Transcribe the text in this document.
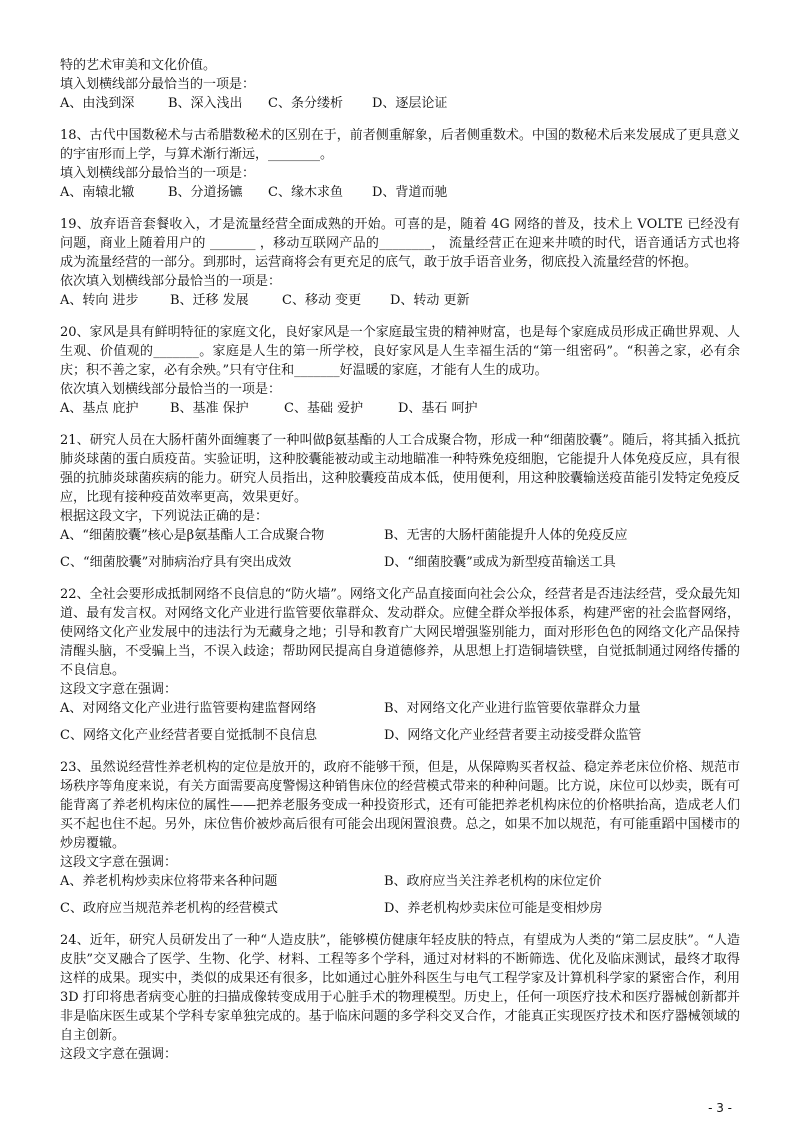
特的艺术审美和文化价值。

填入划横线部分最恰当的一项是：

A、由浅到深	B、深入浅出	C、条分缕析	D、逐层论证

18、古代中国数秘术与古希腊数秘术的区别在于，前者侧重解象，后者侧重数术。中国的数秘术后来发展成了更具意义的宇宙形而上学，与算术渐行渐远，________。

填入划横线部分最恰当的一项是：

A、南辕北辙	B、分道扬镳	C、缘木求鱼	D、背道而驰

19、放弃语音套餐收入，才是流量经营全面成熟的开始。可喜的是，随着 4G 网络的普及，技术上 VOLTE 已经没有问题，商业上随着用户的 _______ ，移动互联网产品的________， 流量经营正在迎来井喷的时代，语音通话方式也将成为流量经营的一部分。到那时，运营商将会有更充足的底气，敢于放手语音业务，彻底投入流量经营的怀抱。

依次填入划横线部分最恰当的一项是：

A、转向 进步	B、迁移 发展	C、移动 变更	D、转动 更新

20、家风是具有鲜明特征的家庭文化，良好家风是一个家庭最宝贵的精神财富，也是每个家庭成员形成正确世界观、人生观、价值观的_______。家庭是人生的第一所学校，良好家风是人生幸福生活的“第一组密码”。“积善之家，必有余庆；积不善之家，必有余殃。”只有守住和_______好温暖的家庭，才能有人生的成功。

依次填入划横线部分最恰当的一项是：

A、基点 庇护	B、基准 保护	C、基础 爱护	D、基石 呵护

21、研究人员在大肠杆菌外面缠裹了一种叫做β氨基酯的人工合成聚合物，形成一种“细菌胶囊”。随后，将其插入抵抗肺炎球菌的蛋白质疫苗。实验证明，这种胶囊能被动或主动地瞄准一种特殊免疫细胞，它能提升人体免疫反应，具有很强的抗肺炎球菌疾病的能力。研究人员指出，这种胶囊疫苗成本低，使用便利，用这种胶囊输送疫苗能引发特定免疫反应，比现有接种疫苗效率更高，效果更好。

根据这段文字，下列说法正确的是：

A、“细菌胶囊”核心是β氨基酯人工合成聚合物	B、无害的大肠杆菌能提升人体的免疫反应
C、“细菌胶囊”对肺病治疗具有突出成效	D、“细菌胶囊”或成为新型疫苗输送工具

22、全社会要形成抵制网络不良信息的“防火墙”。网络文化产品直接面向社会公众，经营者是否违法经营，受众最先知道、最有发言权。对网络文化产业进行监管要依靠群众、发动群众。应健全群众举报体系，构建严密的社会监督网络，使网络文化产业发展中的违法行为无藏身之地；引导和教育广大网民增强鉴别能力，面对形形色色的网络文化产品保持清醒头脑，不受骗上当，不误入歧途；帮助网民提高自身道德修养，从思想上打造铜墙铁壁，自觉抵制通过网络传播的不良信息。

这段文字意在强调：

A、对网络文化产业进行监管要构建监督网络	B、对网络文化产业进行监管要依靠群众力量
C、网络文化产业经营者要自觉抵制不良信息	D、网络文化产业经营者要主动接受群众监管

23、虽然说经营性养老机构的定位是放开的，政府不能够干预，但是，从保障购买者权益、稳定养老床位价格、规范市场秩序等角度来说，有关方面需要高度警惕这种销售床位的经营模式带来的种种问题。比方说，床位可以炒卖，既有可能背离了养老机构床位的属性——把养老服务变成一种投资形式，还有可能把养老机构床位的价格哄抬高，造成老人们买不起也住不起。另外，床位售价被炒高后很有可能会出现闲置浪费。总之，如果不加以规范，有可能重蹈中国楼市的炒房覆辙。

这段文字意在强调：

A、养老机构炒卖床位将带来各种问题	B、政府应当关注养老机构的床位定价
C、政府应当规范养老机构的经营模式	D、养老机构炒卖床位可能是变相炒房

24、近年，研究人员研发出了一种“人造皮肤”，能够模仿健康年轻皮肤的特点，有望成为人类的“第二层皮肤”。“人造皮肤”交叉融合了医学、生物、化学、材料、工程等多个学科，通过对材料的不断筛选、优化及临床测试，最终才取得这样的成果。现实中，类似的成果还有很多，比如通过心脏外科医生与电气工程学家及计算机科学家的紧密合作，利用 3D 打印将患者病变心脏的扫描成像转变成用于心脏手术的物理模型。历史上，任何一项医疗技术和医疗器械创新都并非是临床医生或某个学科专家单独完成的。基于临床问题的多学科交叉合作，才能真正实现医疗技术和医疗器械领域的自主创新。

这段文字意在强调：

- 3 -
